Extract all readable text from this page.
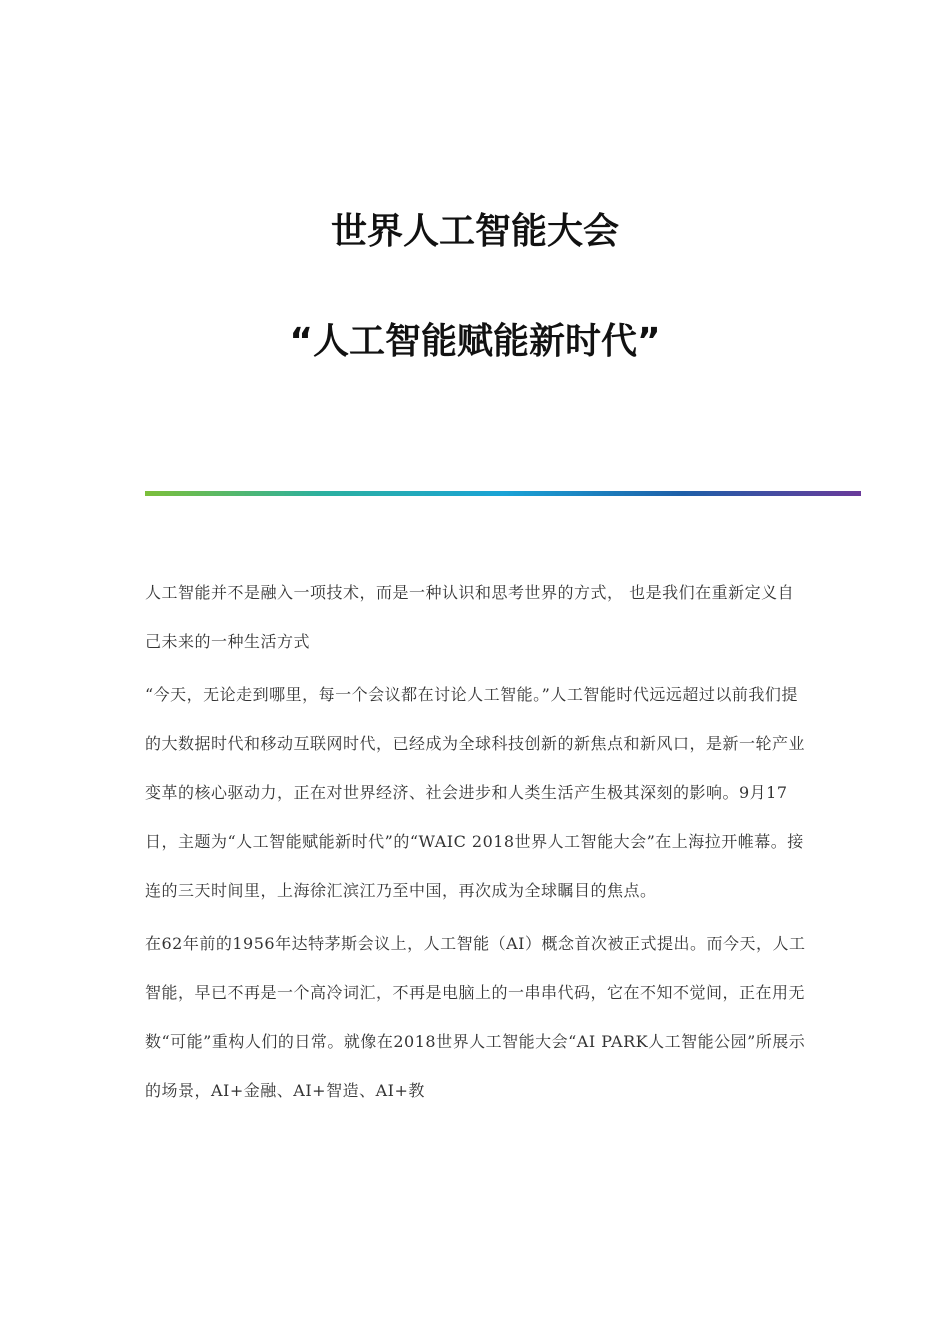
世界人工智能大会
“人工智能赋能新时代”

人工智能并不是融入一项技术，而是一种认识和思考世界的方式， 也是我们在重新定义自己未来的一种生活方式

“今天，无论走到哪里，每一个会议都在讨论人工智能。”人工智能时代远远超过以前我们提的大数据时代和移动互联网时代，已经成为全球科技创新的新焦点和新风口，是新一轮产业变革的核心驱动力，正在对世界经济、社会进步和人类生活产生极其深刻的影响。9月17日，主题为“人工智能赋能新时代”的“WAIC 2018世界人工智能大会”在上海拉开帷幕。接连的三天时间里，上海徐汇滨江乃至中国，再次成为全球瞩目的焦点。

在62年前的1956年达特茅斯会议上，人工智能（AI）概念首次被正式提出。而今天，人工智能，早已不再是一个高冷词汇，不再是电脑上的一串串代码，它在不知不觉间，正在用无数“可能”重构人们的日常。就像在2018世界人工智能大会“AI PARK人工智能公园”所展示的场景，AI+金融、AI+智造、AI+教
